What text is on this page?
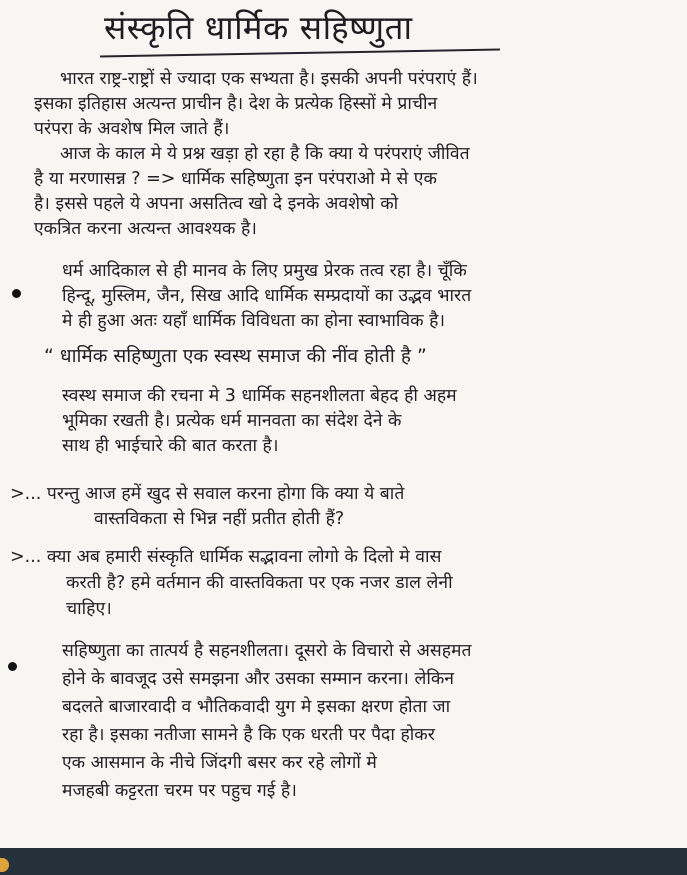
संस्कृति धार्मिक सहिष्णुता
भारत राष्ट्र-राष्ट्रों से ज्यादा एक सभ्यता है। इसकी अपनी परंपराएं हैं।
इसका इतिहास अत्यन्त प्राचीन है। देश के प्रत्येक हिस्सों मे प्राचीन
परंपरा के अवशेष मिल जाते हैं।
आज के काल मे ये प्रश्न खड़ा हो रहा है कि क्या ये परंपराएं जीवित
है या मरणासन्न ? => धार्मिक सहिष्णुता इन परंपराओ मे से एक
है। इससे पहले ये अपना असतित्व खो दे इनके अवशेषो को
एकत्रित करना अत्यन्त आवश्यक है।
धर्म आदिकाल से ही मानव के लिए प्रमुख प्रेरक तत्व रहा है। चूँकि
हिन्दू, मुस्लिम, जैन, सिख आदि धार्मिक सम्प्रदायों का उद्भव भारत
मे ही हुआ अतः यहाँ धार्मिक विविधता का होना स्वाभाविक है।
“ धार्मिक सहिष्णुता एक स्वस्थ समाज की नींव होती है ”
स्वस्थ समाज की रचना मे 3 धार्मिक सहनशीलता बेहद ही अहम
भूमिका रखती है। प्रत्येक धर्म मानवता का संदेश देने के
साथ ही भाईचारे की बात करता है।
>... परन्तु आज हमें खुद से सवाल करना होगा कि क्या ये बाते
वास्तविकता से भिन्न नहीं प्रतीत होती हैं?
>... क्या अब हमारी संस्कृति धार्मिक सद्भावना लोगो के दिलो मे वास
करती है? हमे वर्तमान की वास्तविकता पर एक नजर डाल लेनी
चाहिए।
सहिष्णुता का तात्पर्य है सहनशीलता। दूसरो के विचारो से असहमत
होने के बावजूद उसे समझना और उसका सम्मान करना। लेकिन
बदलते बाजारवादी व भौतिकवादी युग मे इसका क्षरण होता जा
रहा है। इसका नतीजा सामने है कि एक धरती पर पैदा होकर
एक आसमान के नीचे जिंदगी बसर कर रहे लोगों मे
मजहबी कट्टरता चरम पर पहुच गई है।
